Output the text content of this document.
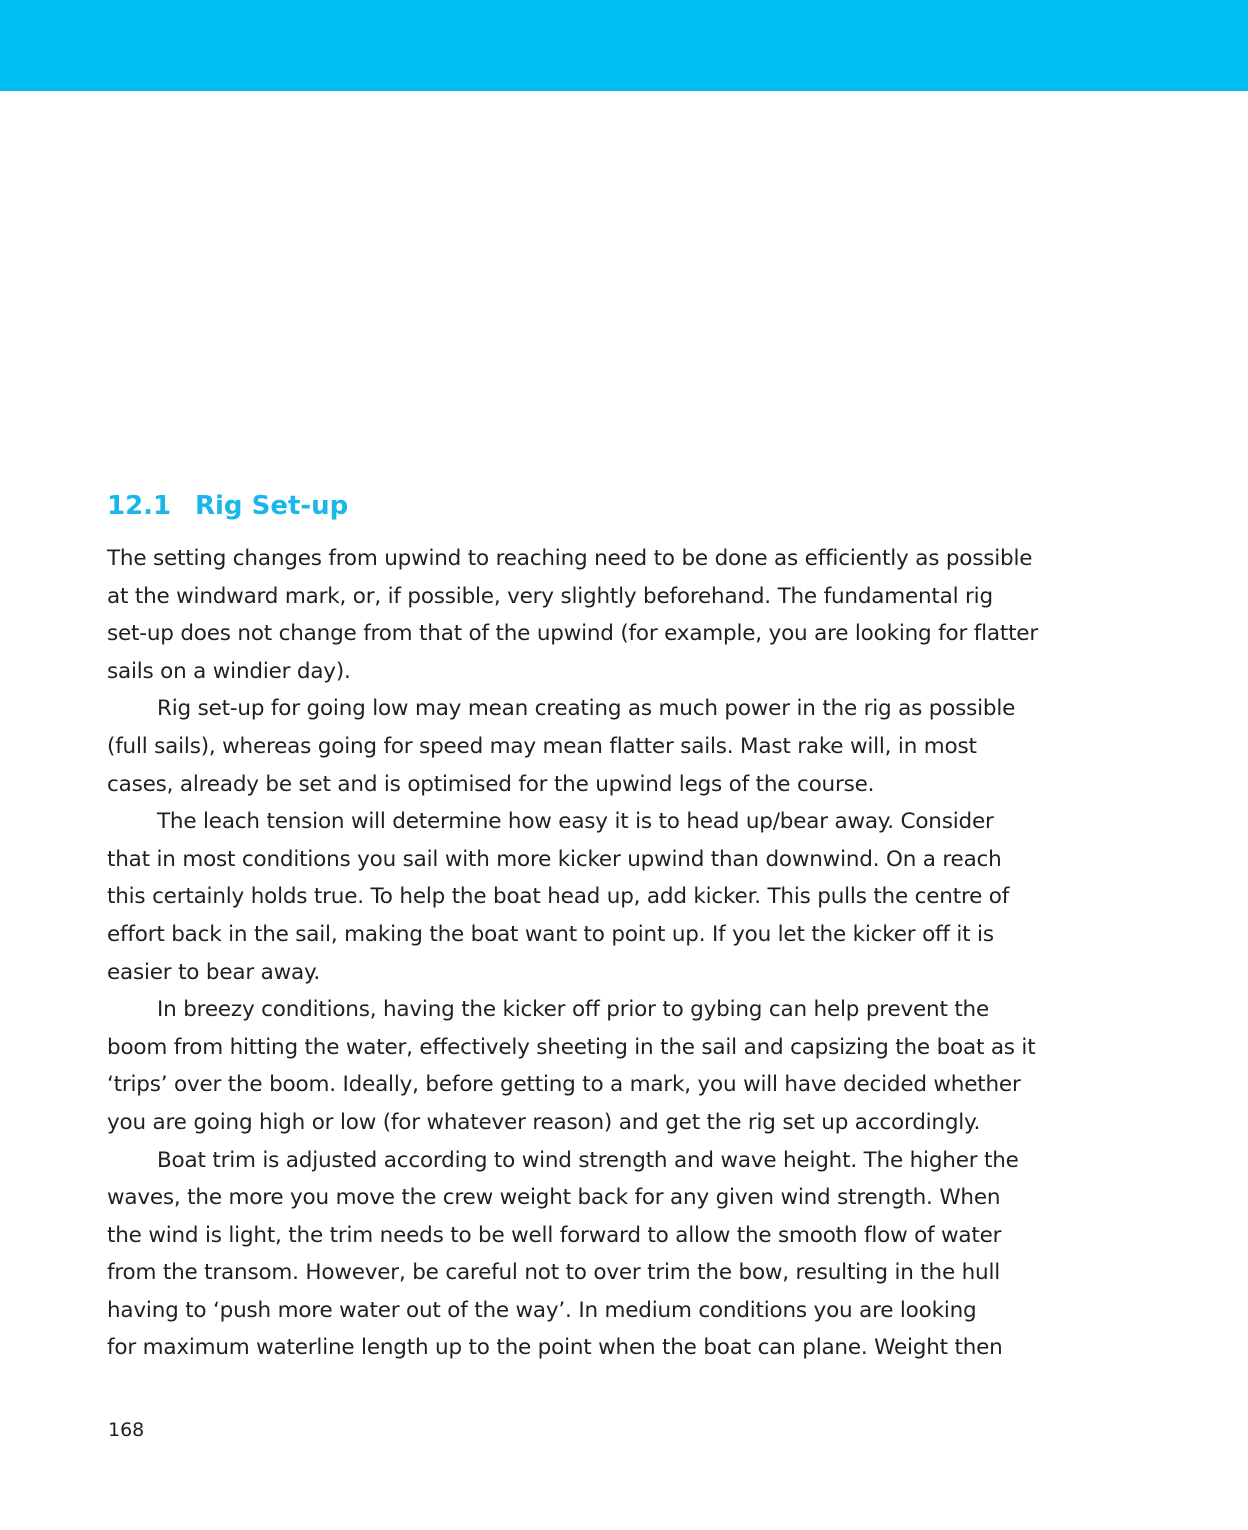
12.1 Rig Set-up

The setting changes from upwind to reaching need to be done as efficiently as possible
at the windward mark, or, if possible, very slightly beforehand. The fundamental rig
set-up does not change from that of the upwind (for example, you are looking for flatter
sails on a windier day).

Rig set-up for going low may mean creating as much power in the rig as possible
(full sails), whereas going for speed may mean flatter sails. Mast rake will, in most
cases, already be set and is optimised for the upwind legs of the course.

The leach tension will determine how easy it is to head up/bear away. Consider
that in most conditions you sail with more kicker upwind than downwind. On a reach
this certainly holds true. To help the boat head up, add kicker. This pulls the centre of
effort back in the sail, making the boat want to point up. If you let the kicker off it is
easier to bear away.

In breezy conditions, having the kicker off prior to gybing can help prevent the
boom from hitting the water, effectively sheeting in the sail and capsizing the boat as it
‘trips’ over the boom. Ideally, before getting to a mark, you will have decided whether
you are going high or low (for whatever reason) and get the rig set up accordingly.

Boat trim is adjusted according to wind strength and wave height. The higher the
waves, the more you move the crew weight back for any given wind strength. When
the wind is light, the trim needs to be well forward to allow the smooth flow of water
from the transom. However, be careful not to over trim the bow, resulting in the hull
having to ‘push more water out of the way’. In medium conditions you are looking
for maximum waterline length up to the point when the boat can plane. Weight then

168
